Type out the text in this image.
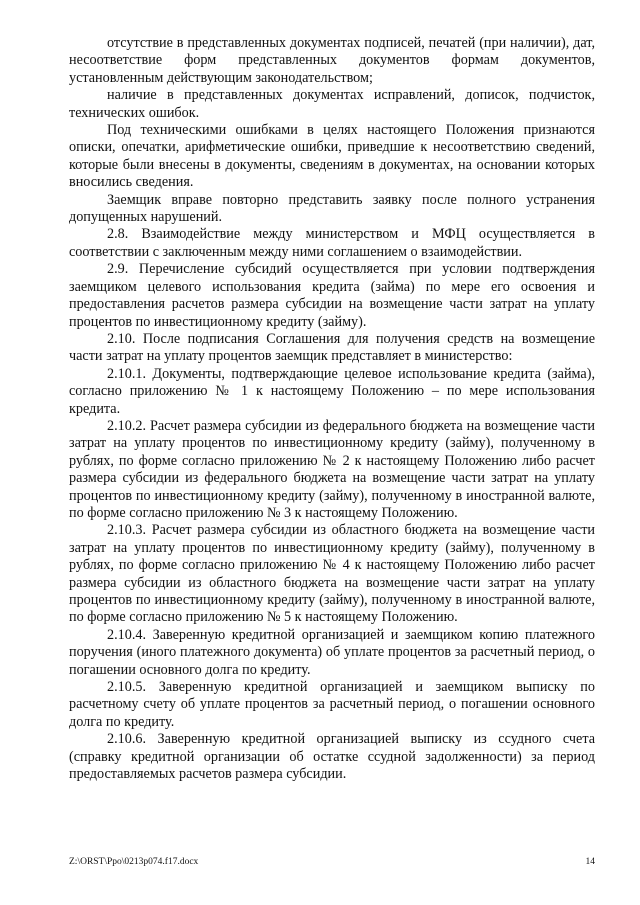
отсутствие в представленных документах подписей, печатей (при наличии), дат, несоответствие форм представленных документов формам документов, установленным действующим законодательством;

наличие в представленных документах исправлений, дописок, подчисток, технических ошибок.

Под техническими ошибками в целях настоящего Положения признаются описки, опечатки, арифметические ошибки, приведшие к несоответствию сведений, которые были внесены в документы, сведениям в документах, на основании которых вносились сведения.

Заемщик вправе повторно представить заявку после полного устранения допущенных нарушений.

2.8. Взаимодействие между министерством и МФЦ осуществляется в соответствии с заключенным между ними соглашением о взаимодействии.

2.9. Перечисление субсидий осуществляется при условии подтверждения заемщиком целевого использования кредита (займа) по мере его освоения и предоставления расчетов размера субсидии на возмещение части затрат на уплату процентов по инвестиционному кредиту (займу).

2.10. После подписания Соглашения для получения средств на возмещение части затрат на уплату процентов заемщик представляет в министерство:

2.10.1. Документы, подтверждающие целевое использование кредита (займа), согласно приложению № 1 к настоящему Положению – по мере использования кредита.

2.10.2. Расчет размера субсидии из федерального бюджета на возмещение части затрат на уплату процентов по инвестиционному кредиту (займу), полученному в рублях, по форме согласно приложению № 2 к настоящему Положению либо расчет размера субсидии из федерального бюджета на возмещение части затрат на уплату процентов по инвестиционному кредиту (займу), полученному в иностранной валюте, по форме согласно приложению № 3 к настоящему Положению.

2.10.3. Расчет размера субсидии из областного бюджета на возмещение части затрат на уплату процентов по инвестиционному кредиту (займу), полученному в рублях, по форме согласно приложению № 4 к настоящему Положению либо расчет размера субсидии из областного бюджета на возмещение части затрат на уплату процентов по инвестиционному кредиту (займу), полученному в иностранной валюте, по форме согласно приложению № 5 к настоящему Положению.

2.10.4. Заверенную кредитной организацией и заемщиком копию платежного поручения (иного платежного документа) об уплате процентов за расчетный период, о погашении основного долга по кредиту.

2.10.5. Заверенную кредитной организацией и заемщиком выписку по расчетному счету об уплате процентов за расчетный период, о погашении основного долга по кредиту.

2.10.6. Заверенную кредитной организацией выписку из ссудного счета (справку кредитной организации об остатке ссудной задолженности) за период предоставляемых расчетов размера субсидии.

Z:\ORST\Ppo\0213p074.f17.docx	14
